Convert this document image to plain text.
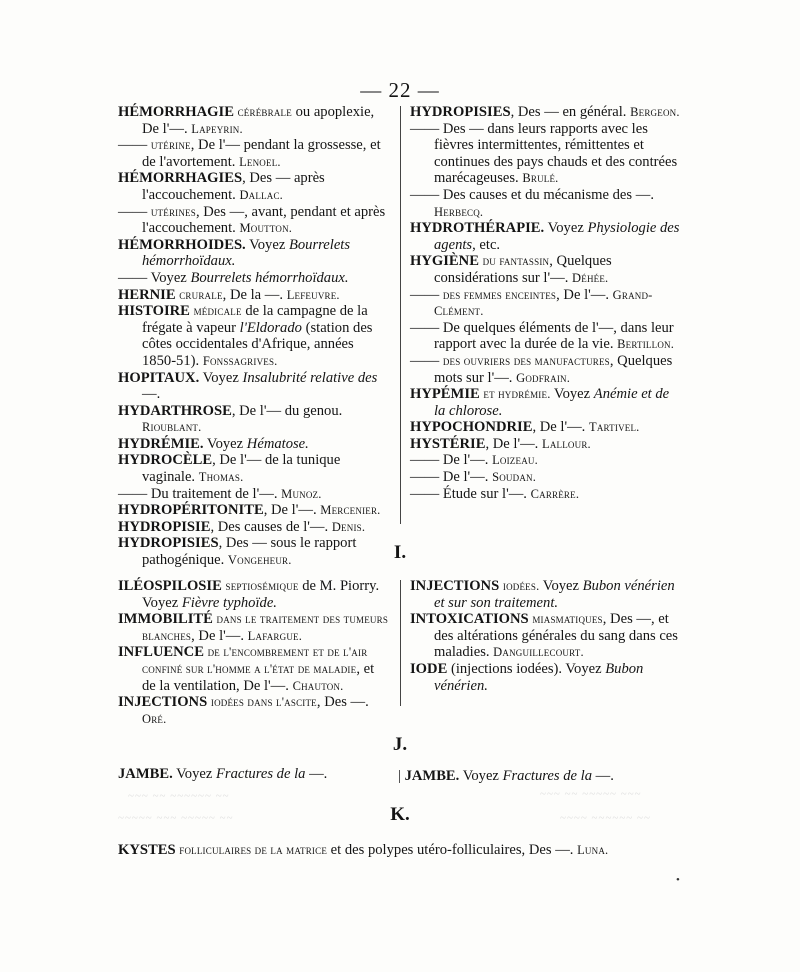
— 22 —

HÉMORRHAGIE cérébrale ou apoplexie, De l'—. Lapeyrin.

—— utérine, De l'— pendant la grossesse, et de l'avortement. Lenoel.

HÉMORRHAGIES, Des — après l'accouchement. Dallac.

—— utérines, Des —, avant, pendant et après l'accouchement. Moutton.

HÉMORRHOIDES. Voyez Bourrelets hémorrhoïdaux.

—— Voyez Bourrelets hémorrhoïdaux.

HERNIE crurale, De la —. Lefeuvre.

HISTOIRE médicale de la campagne de la frégate à vapeur l'Eldorado (station des côtes occidentales d'Afrique, années 1850-51). Fonssagrives.

HOPITAUX. Voyez Insalubrité relative des —.

HYDARTHROSE, De l'— du genou. Rioublant.

HYDRÉMIE. Voyez Hématose.

HYDROCÈLE, De l'— de la tunique vaginale. Thomas.

—— Du traitement de l'—. Munoz.

HYDROPÉRITONITE, De l'—. Mercenier.

HYDROPISIE, Des causes de l'—. Denis.

HYDROPISIES, Des — sous le rapport pathogénique. Vongeheur.

HYDROPISIES, Des — en général. Bergeon.

—— Des — dans leurs rapports avec les fièvres intermittentes, rémittentes et continues des pays chauds et des contrées marécageuses. Brulé.

—— Des causes et du mécanisme des —. Herbecq.

HYDROTHÉRAPIE. Voyez Physiologie des agents, etc.

HYGIÈNE du fantassin, Quelques considérations sur l'—. Déhée.

—— des femmes enceintes, De l'—. Grand-Clément.

—— De quelques éléments de l'—, dans leur rapport avec la durée de la vie. Bertillon.

—— des ouvriers des manufactures, Quelques mots sur l'—. Godfrain.

HYPÉMIE et hydrémie. Voyez Anémie et de la chlorose.

HYPOCHONDRIE, De l'—. Tartivel.

HYSTÉRIE, De l'—. Lallour.

—— De l'—. Loizeau.

—— De l'—. Soudan.

—— Étude sur l'—. Carrère.

I.

ILÉOSPILOSIE septiosémique de M. Piorry. Voyez Fièvre typhoïde.

IMMOBILITÉ dans le traitement des tumeurs blanches, De l'—. Lafargue.

INFLUENCE de l'encombrement et de l'air confiné sur l'homme a l'état de maladie, et de la ventilation, De l'—. Chauton.

INJECTIONS iodées dans l'ascite, Des —. Oré.

INJECTIONS iodées. Voyez Bubon vénérien et sur son traitement.

INTOXICATIONS miasmatiques, Des —, et des altérations générales du sang dans ces maladies. Danguillecourt.

IODE (injections iodées). Voyez Bubon vénérien.

J.
JAMBE. Voyez Fractures de la —.	| JAMBE. Voyez Fractures de la —.
K.
KYSTES folliculaires de la matrice et des polypes utéro-folliculaires, Des —. Luna.
~~~ ~~ ~~~~~~ ~~
~~~~~ ~~~ ~~~~~ ~~
~~~ ~~ ~~~~~ ~~~
~~~~ ~~~~~~ ~~
•
